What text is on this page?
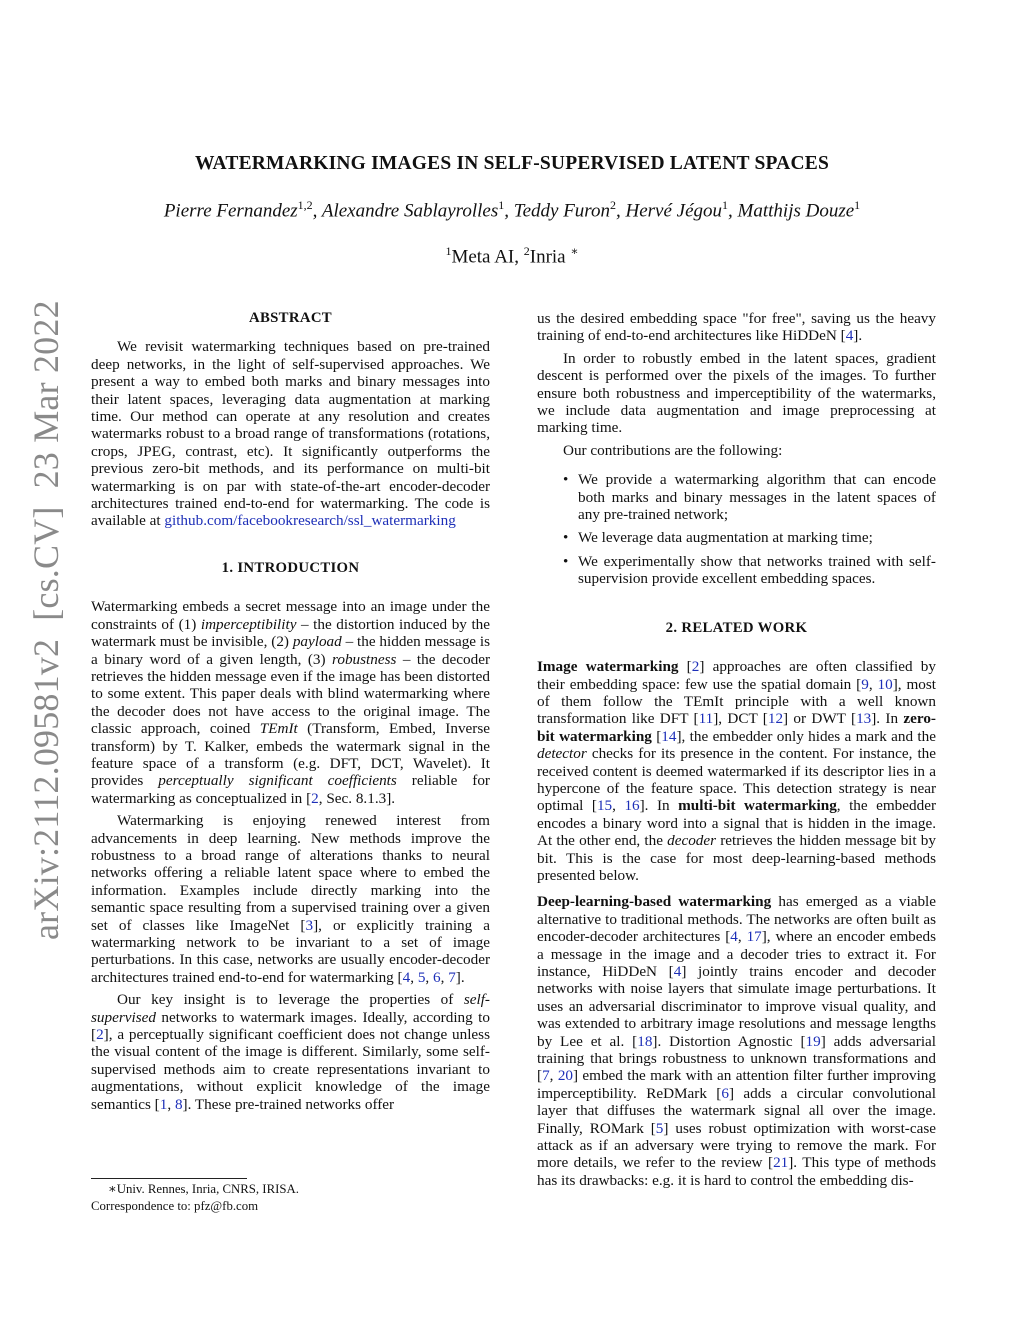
arXiv:2112.09581v2[cs.CV]23 Mar 2022
WATERMARKING IMAGES IN SELF-SUPERVISED LATENT SPACES
Pierre Fernandez$^{1,2}$, Alexandre Sablayrolles$^1$, Teddy Furon$^2$, Hervé Jégou$^1$, Matthijs Douze$^1$
$^1$Meta AI, $^2$Inria ∗
ABSTRACT

We revisit watermarking techniques based on pre-trained deep networks, in the light of self-supervised approaches. We present a way to embed both marks and binary messages into their latent spaces, leveraging data augmentation at marking time. Our method can operate at any resolution and creates watermarks robust to a broad range of transformations (rotations, crops, JPEG, contrast, etc). It significantly outperforms the previous zero-bit methods, and its performance on multi-bit watermarking is on par with state-of-the-art encoder-decoder architectures trained end-to-end for watermarking. The code is available at github.com/facebookresearch/ssl_watermarking

1. INTRODUCTION

Watermarking embeds a secret message into an image under the constraints of (1) imperceptibility – the distortion induced by the watermark must be invisible, (2) payload – the hidden message is a binary word of a given length, (3) robustness – the decoder retrieves the hidden message even if the image has been distorted to some extent. This paper deals with blind watermarking where the decoder does not have access to the original image. The classic approach, coined TEmIt (Transform, Embed, Inverse transform) by T. Kalker, embeds the watermark signal in the feature space of a transform (e.g. DFT, DCT, Wavelet). It provides perceptually significant coefficients reliable for watermarking as conceptualized in [2, Sec. 8.1.3].

Watermarking is enjoying renewed interest from advancements in deep learning. New methods improve the robustness to a broad range of alterations thanks to neural networks offering a reliable latent space where to embed the information. Examples include directly marking into the semantic space resulting from a supervised training over a given set of classes like ImageNet [3], or explicitly training a watermarking network to be invariant to a set of image perturbations. In this case, networks are usually encoder-decoder architectures trained end-to-end for watermarking [4, 5, 6, 7].

Our key insight is to leverage the properties of self-supervised networks to watermark images. Ideally, according to [2], a perceptually significant coefficient does not change unless the visual content of the image is different. Similarly, some self-supervised methods aim to create representations invariant to augmentations, without explicit knowledge of the image semantics [1, 8]. These pre-trained networks offer

∗Univ. Rennes, Inria, CNRS, IRISA.
Correspondence to: pfz@fb.com

us the desired embedding space "for free", saving us the heavy training of end-to-end architectures like HiDDeN [4].

In order to robustly embed in the latent spaces, gradient descent is performed over the pixels of the images. To further ensure both robustness and imperceptibility of the watermarks, we include data augmentation and image preprocessing at marking time.

Our contributions are the following:

• We provide a watermarking algorithm that can encode both marks and binary messages in the latent spaces of any pre-trained network;
• We leverage data augmentation at marking time;
• We experimentally show that networks trained with self-supervision provide excellent embedding spaces.
2. RELATED WORK

Image watermarking [2] approaches are often classified by their embedding space: few use the spatial domain [9, 10], most of them follow the TEmIt principle with a well known transformation like DFT [11], DCT [12] or DWT [13]. In zero-bit watermarking [14], the embedder only hides a mark and the detector checks for its presence in the content. For instance, the received content is deemed watermarked if its descriptor lies in a hypercone of the feature space. This detection strategy is near optimal [15, 16]. In multi-bit watermarking, the embedder encodes a binary word into a signal that is hidden in the image. At the other end, the decoder retrieves the hidden message bit by bit. This is the case for most deep-learning-based methods presented below.

Deep-learning-based watermarking has emerged as a viable alternative to traditional methods. The networks are often built as encoder-decoder architectures [4, 17], where an encoder embeds a message in the image and a decoder tries to extract it. For instance, HiDDeN [4] jointly trains encoder and decoder networks with noise layers that simulate image perturbations. It uses an adversarial discriminator to improve visual quality, and was extended to arbitrary image resolutions and message lengths by Lee et al. [18]. Distortion Agnostic [19] adds adversarial training that brings robustness to unknown transformations and [7, 20] embed the mark with an attention filter further improving imperceptibility. ReDMark [6] adds a circular convolutional layer that diffuses the watermark signal all over the image. Finally, ROMark [5] uses robust optimization with worst-case attack as if an adversary were trying to remove the mark. For more details, we refer to the review [21]. This type of methods has its drawbacks: e.g. it is hard to control the embedding dis-
